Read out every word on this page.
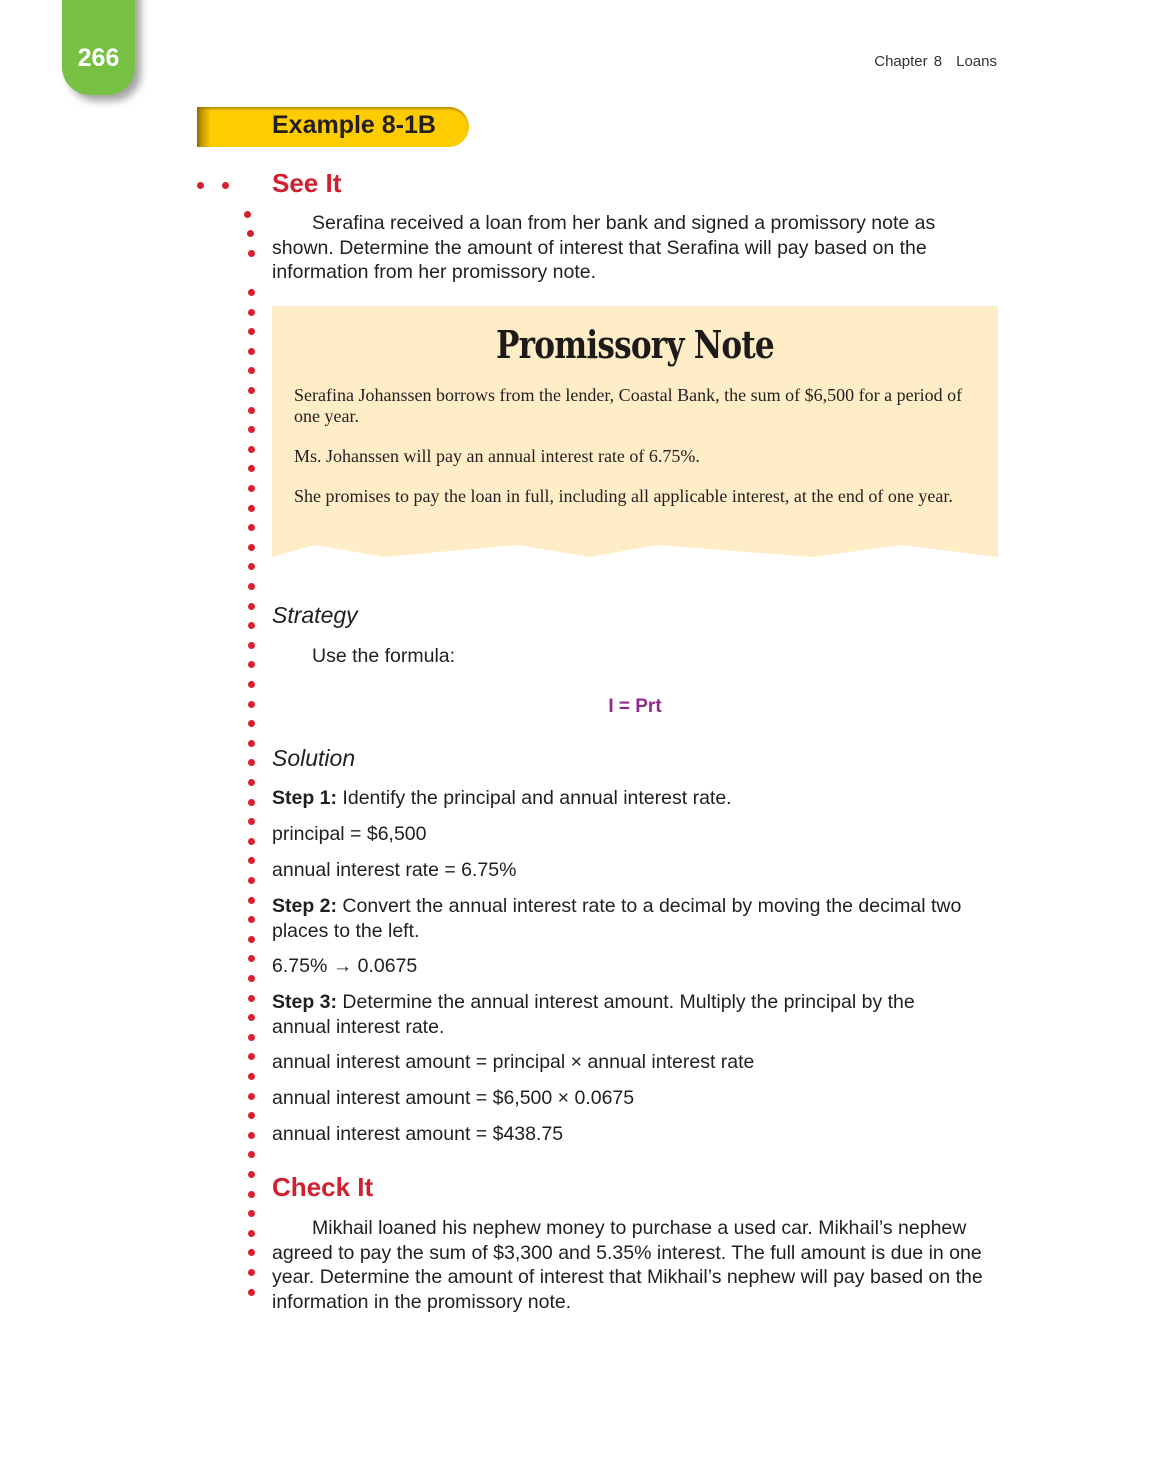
266	Chapter 8 Loans
Example 8-1B
See It
Serafina received a loan from her bank and signed a promissory note as shown. Determine the amount of interest that Serafina will pay based on the information from her promissory note.
Promissory Note
Serafina Johanssen borrows from the lender, Coastal Bank, the sum of $6,500 for a period of one year.
Ms. Johanssen will pay an annual interest rate of 6.75%.
She promises to pay the loan in full, including all applicable interest, at the end of one year.
Strategy
Use the formula:
I = Prt
Solution
Step 1: Identify the principal and annual interest rate.
principal = $6,500
annual interest rate = 6.75%
Step 2: Convert the annual interest rate to a decimal by moving the decimal two places to the left.
6.75% → 0.0675
Step 3: Determine the annual interest amount. Multiply the principal by the annual interest rate.
annual interest amount = principal × annual interest rate
annual interest amount = $6,500 × 0.0675
annual interest amount = $438.75
Check It
Mikhail loaned his nephew money to purchase a used car. Mikhail’s nephew agreed to pay the sum of $3,300 and 5.35% interest. The full amount is due in one year. Determine the amount of interest that Mikhail’s nephew will pay based on the information in the promissory note.
